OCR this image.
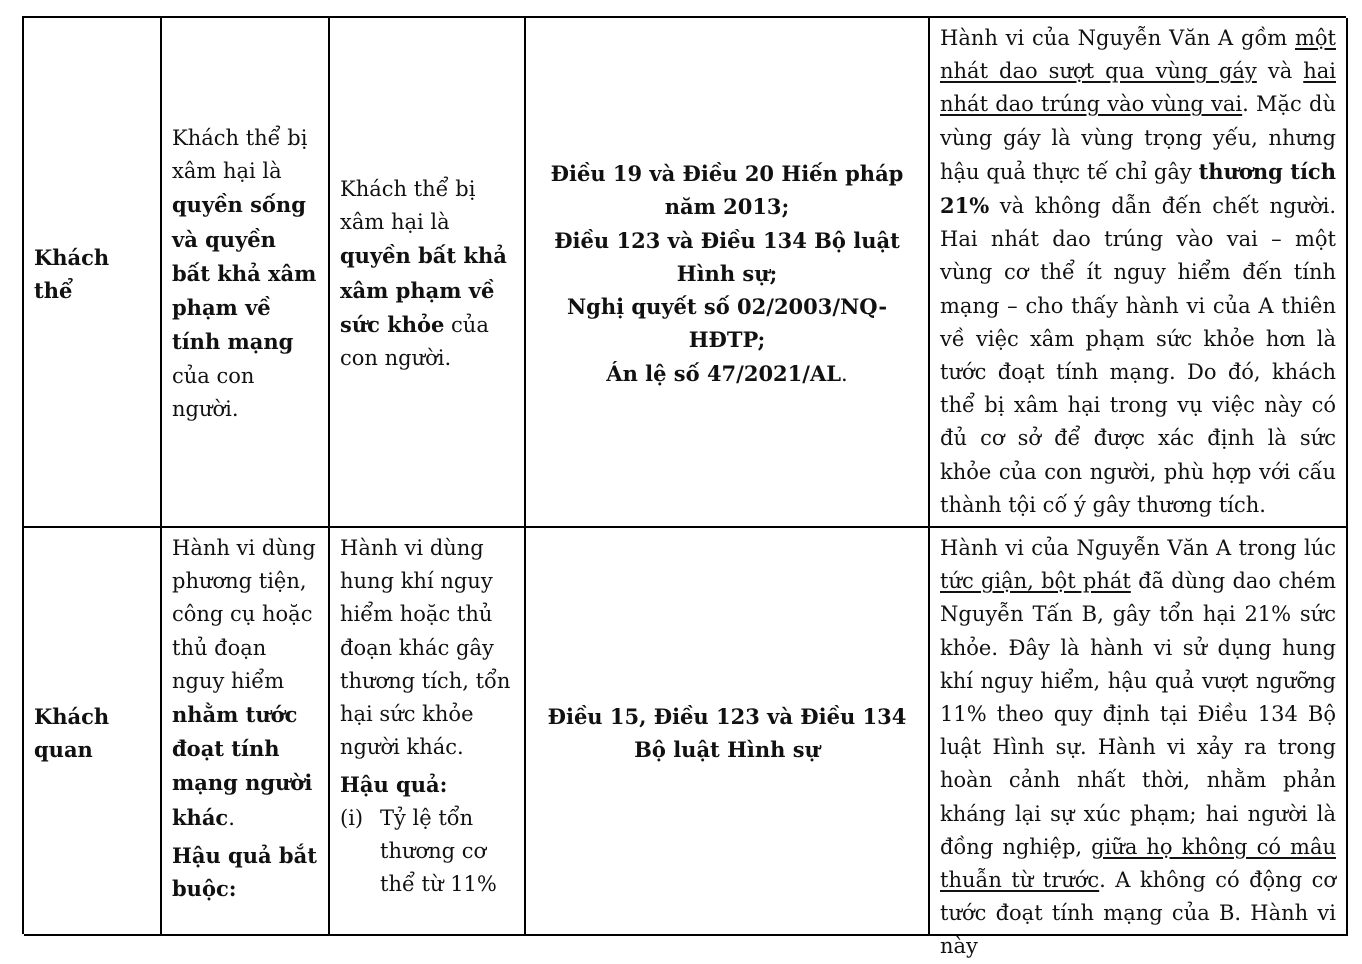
Khách thể
Khách thể bị xâm hại là quyền sống và quyền bất khả xâm phạm về tính mạng của con người.
Khách thể bị xâm hại là quyền bất khả xâm phạm về sức khỏe của con người.
Điều 19 và Điều 20 Hiến pháp năm 2013;
Điều 123 và Điều 134 Bộ luật Hình sự;
Nghị quyết số 02/2003/NQ-HĐTP;
Án lệ số 47/2021/AL.
Hành vi của Nguyễn Văn A gồm một nhát dao sượt qua vùng gáy và hai nhát dao trúng vào vùng vai. Mặc dù vùng gáy là vùng trọng yếu, nhưng hậu quả thực tế chỉ gây thương tích 21% và không dẫn đến chết người. Hai nhát dao trúng vào vai – một vùng cơ thể ít nguy hiểm đến tính mạng – cho thấy hành vi của A thiên về việc xâm phạm sức khỏe hơn là tước đoạt tính mạng. Do đó, khách thể bị xâm hại trong vụ việc này có đủ cơ sở để được xác định là sức khỏe của con người, phù hợp với cấu thành tội cố ý gây thương tích.
Khách quan
Hành vi dùng phương tiện, công cụ hoặc thủ đoạn nguy hiểm nhằm tước đoạt tính mạng người khác.
Hậu quả bắt buộc:
Hành vi dùng hung khí nguy hiểm hoặc thủ đoạn khác gây thương tích, tổn hại sức khỏe người khác.
Hậu quả:
(i) Tỷ lệ tổn thương cơ thể từ 11%
Điều 15, Điều 123 và Điều 134 Bộ luật Hình sự
Hành vi của Nguyễn Văn A trong lúc tức giận, bột phát đã dùng dao chém Nguyễn Tấn B, gây tổn hại 21% sức khỏe. Đây là hành vi sử dụng hung khí nguy hiểm, hậu quả vượt ngưỡng 11% theo quy định tại Điều 134 Bộ luật Hình sự. Hành vi xảy ra trong hoàn cảnh nhất thời, nhằm phản kháng lại sự xúc phạm; hai người là đồng nghiệp, giữa họ không có mâu thuẫn từ trước. A không có động cơ tước đoạt tính mạng của B. Hành vi này
